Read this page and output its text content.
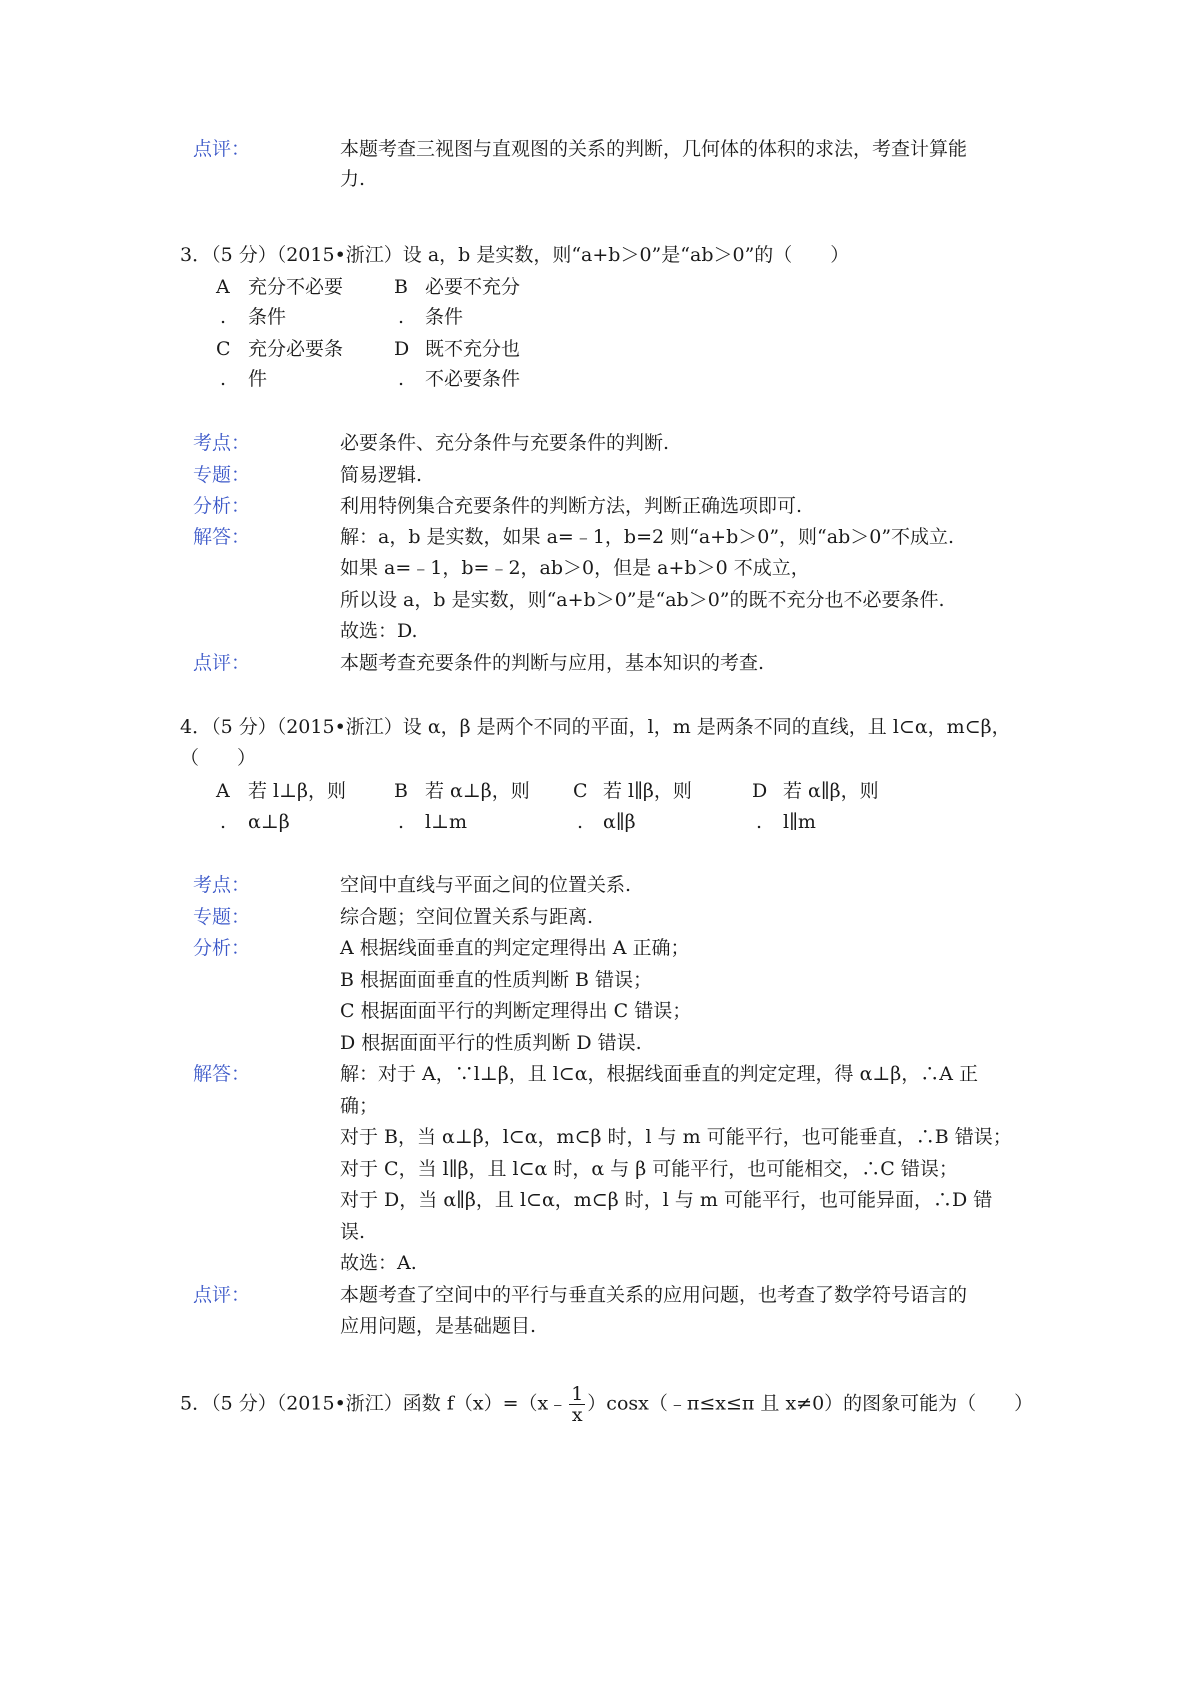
点评：	本题考查三视图与直观图的关系的判断，几何体的体积的求法，考查计算能
力.
3．（5 分）（2015•浙江）设 a，b 是实数，则“a+b＞0”是“ab＞0”的（　　）
A 充分不必要
. 条件
B 必要不充分
. 条件
C 充分必要条
. 件
D 既不充分也
. 不必要条件
考点：	必要条件、充分条件与充要条件的判断.
专题：	简易逻辑.
分析：	利用特例集合充要条件的判断方法，判断正确选项即可.
解答：	解：a，b 是实数，如果 a=﹣1，b=2 则“a+b＞0”，则“ab＞0”不成立.
如果 a=﹣1，b=﹣2，ab＞0，但是 a+b＞0 不成立，
所以设 a，b 是实数，则“a+b＞0”是“ab＞0”的既不充分也不必要条件.
故选：D.
点评：	本题考查充要条件的判断与应用，基本知识的考查.
4．（5 分）（2015•浙江）设 α，β 是两个不同的平面，l，m 是两条不同的直线，且 l⊂α，m⊂β，
（　　）
A 若 l⊥β，则
. α⊥β
B 若 α⊥β，则
. l⊥m
C 若 l∥β，则
. α∥β
D 若 α∥β，则
. l∥m
考点：	空间中直线与平面之间的位置关系.
专题：	综合题；空间位置关系与距离.
分析：	A 根据线面垂直的判定定理得出 A 正确；
B 根据面面垂直的性质判断 B 错误；
C 根据面面平行的判断定理得出 C 错误；
D 根据面面平行的性质判断 D 错误.
解答：	解：对于 A，∵l⊥β，且 l⊂α，根据线面垂直的判定定理，得 α⊥β，∴A 正
确；
对于 B，当 α⊥β，l⊂α，m⊂β 时，l 与 m 可能平行，也可能垂直，∴B 错误；
对于 C，当 l∥β，且 l⊂α 时，α 与 β 可能平行，也可能相交，∴C 错误；
对于 D，当 α∥β，且 l⊂α，m⊂β 时，l 与 m 可能平行，也可能异面，∴D 错
误.
故选：A.
点评：	本题考查了空间中的平行与垂直关系的应用问题，也考查了数学符号语言的
应用问题，是基础题目.
5．（5 分）（2015•浙江）函数 f（x）=（x﹣ $\frac{1}{x}$ ）cosx（﹣π≤x≤π 且 x≠0）的图象可能为（　　）
